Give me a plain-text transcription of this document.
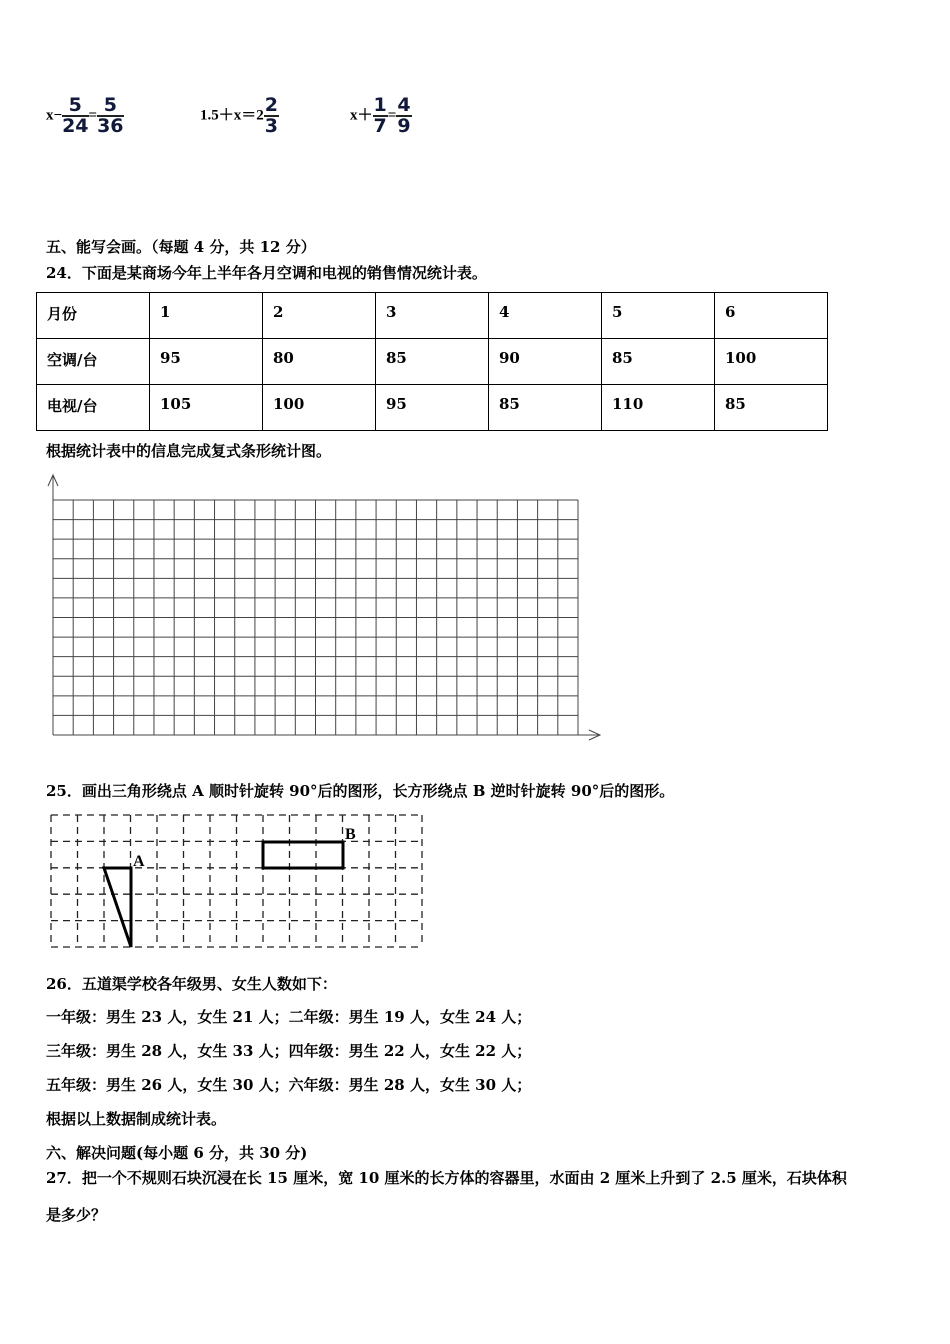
$x- \frac{5}{24} = \frac{5}{36}$	$1.5+x=2 \frac{2}{3}$	$x+ \frac{1}{7} = \frac{4}{9}$
五、能写会画。（每题 4 分，共 12 分）
24．下面是某商场今年上半年各月空调和电视的销售情况统计表。
月份	1	2	3	4	5	6
空调/台	95	80	85	90	85	100
电视/台	105	100	95	85	110	85
根据统计表中的信息完成复式条形统计图。
A
B
25．画出三角形绕点 A 顺时针旋转 90°后的图形，长方形绕点 B 逆时针旋转 90°后的图形。
26．五道渠学校各年级男、女生人数如下：
一年级：男生 23 人，女生 21 人；二年级：男生 19 人，女生 24 人；
三年级：男生 28 人，女生 33 人；四年级：男生 22 人，女生 22 人；
五年级：男生 26 人，女生 30 人；六年级：男生 28 人，女生 30 人；
根据以上数据制成统计表。
六、解决问题(每小题 6 分，共 30 分)
27．把一个不规则石块沉浸在长 15 厘米，宽 10 厘米的长方体的容器里，水面由 2 厘米上升到了 2.5 厘米，石块体积
是多少？
